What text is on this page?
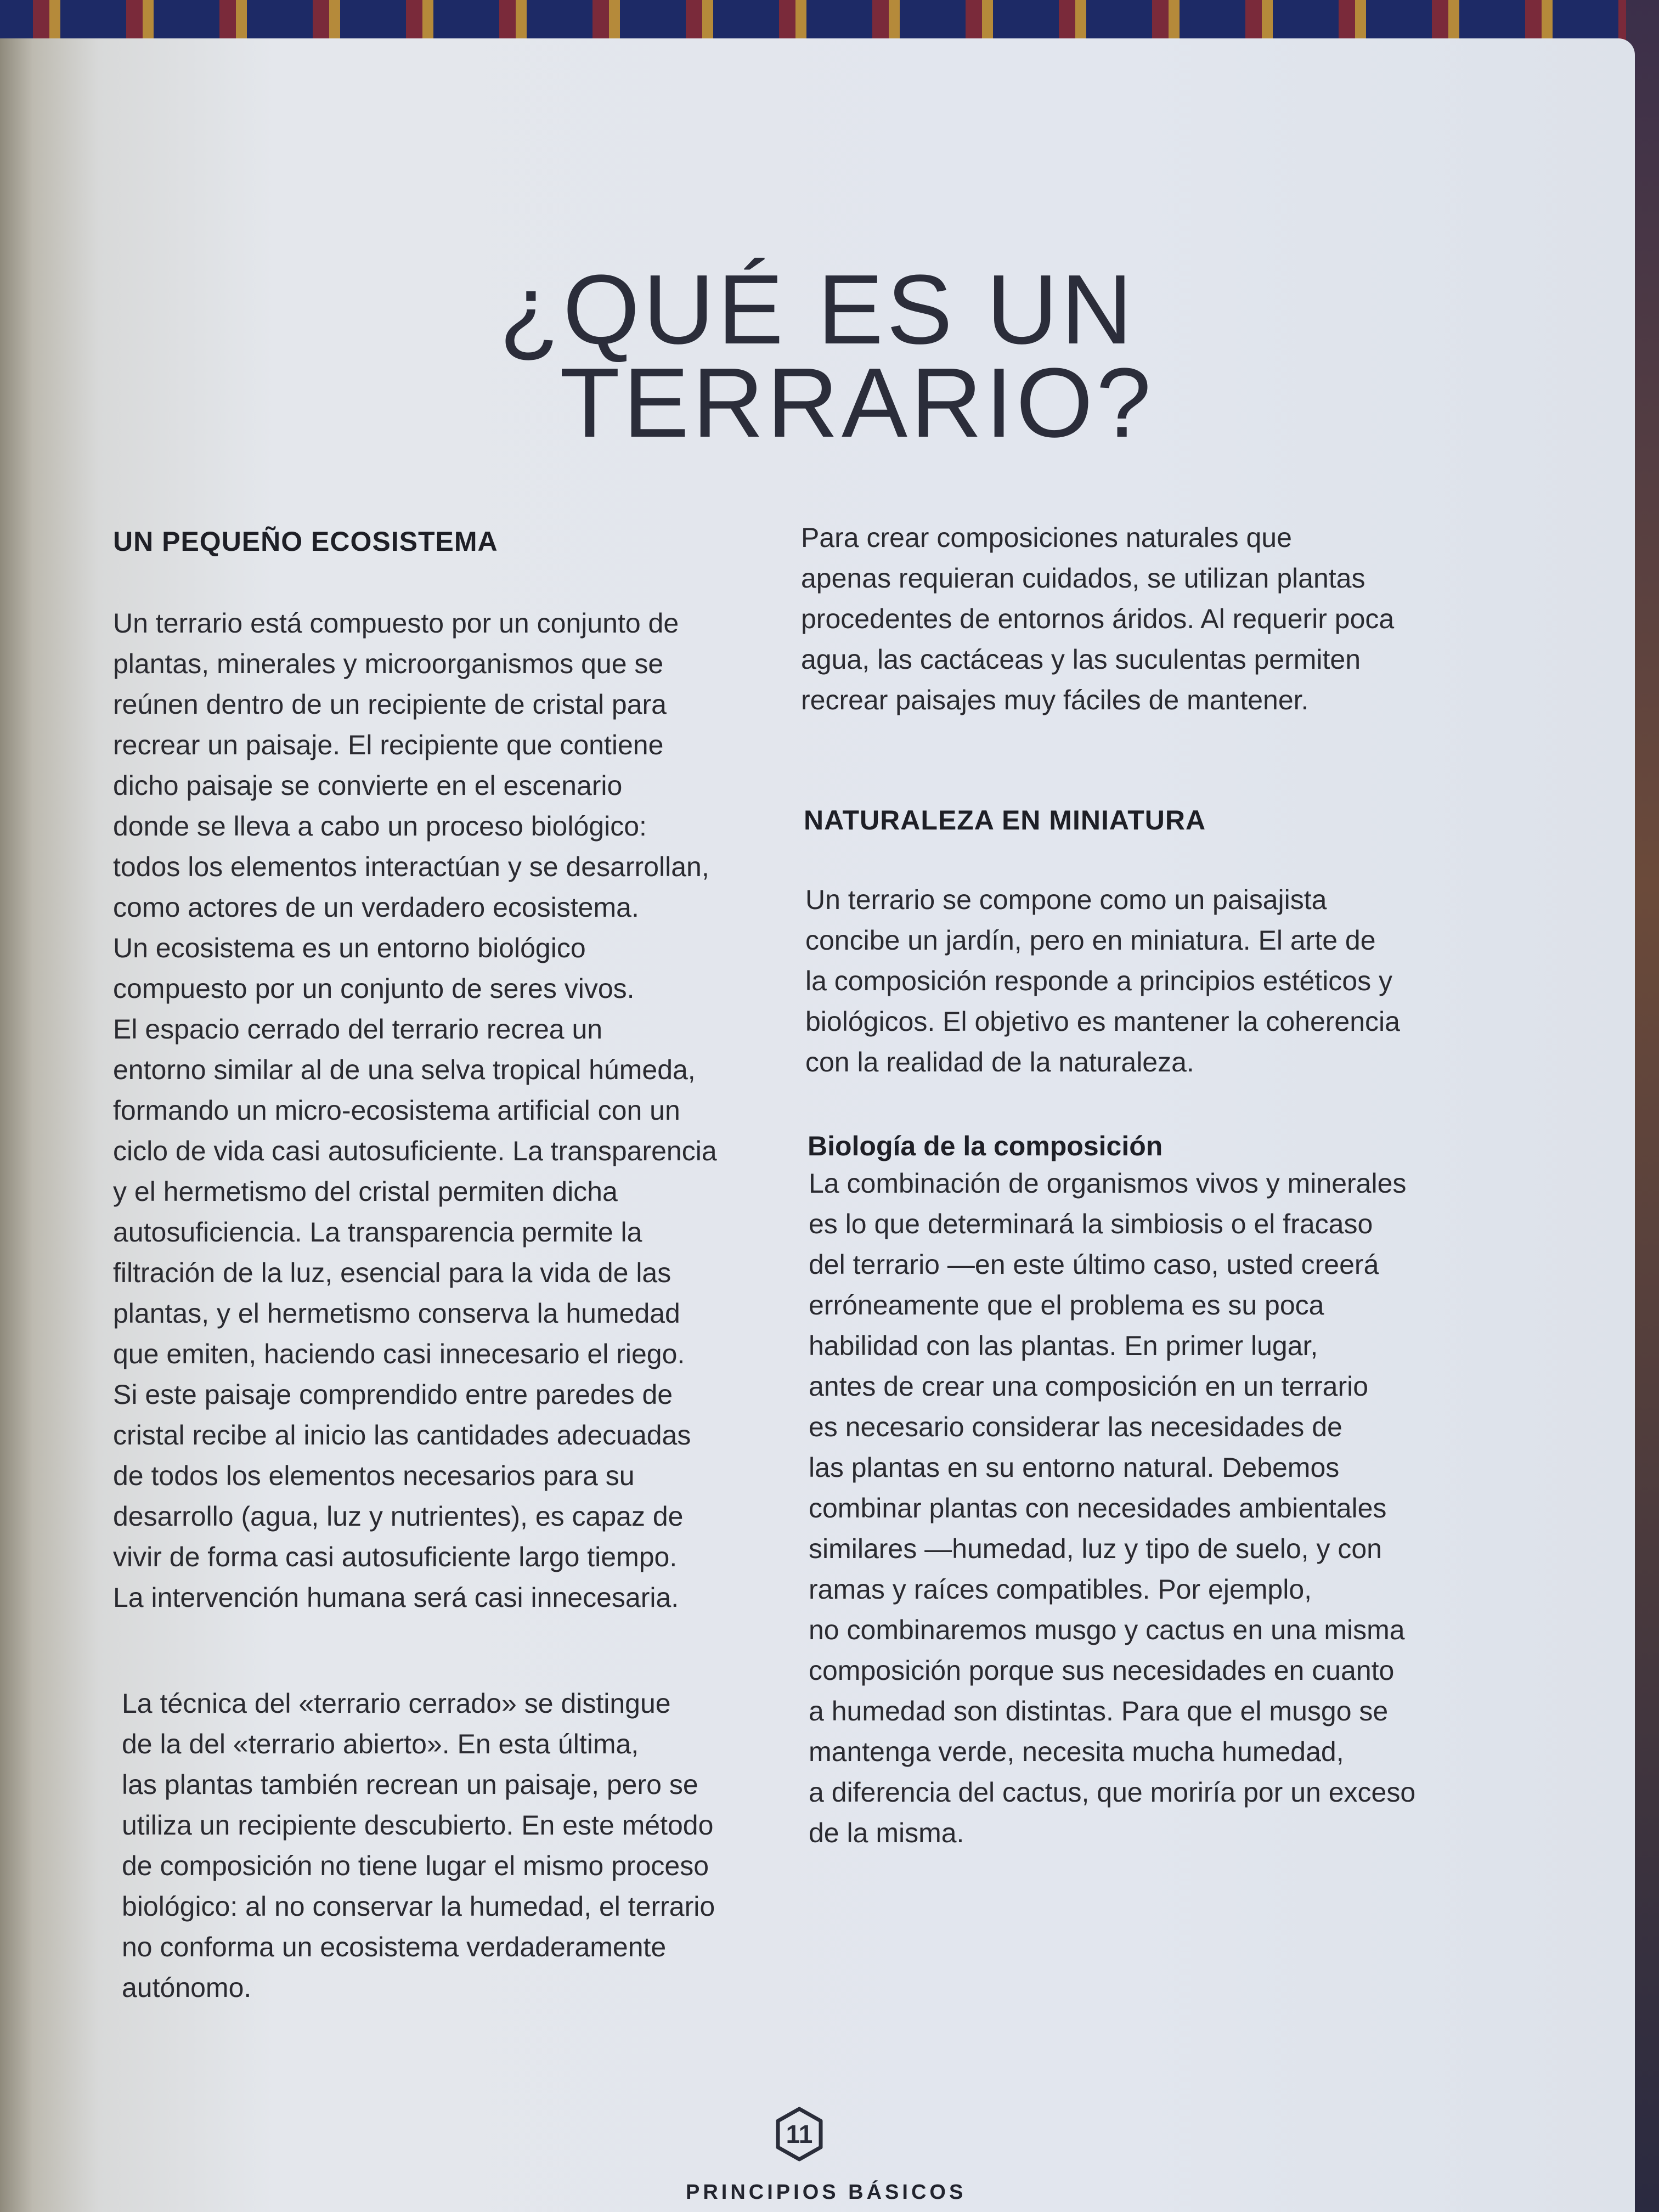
¿QUÉ ES UN
TERRARIO?
UN PEQUEÑO ECOSISTEMA
Un terrario está compuesto por un conjunto de
plantas, minerales y microorganismos que se
reúnen dentro de un recipiente de cristal para
recrear un paisaje. El recipiente que contiene
dicho paisaje se convierte en el escenario
donde se lleva a cabo un proceso biológico:
todos los elementos interactúan y se desarrollan,
como actores de un verdadero ecosistema.
Un ecosistema es un entorno biológico
compuesto por un conjunto de seres vivos.
El espacio cerrado del terrario recrea un
entorno similar al de una selva tropical húmeda,
formando un micro-ecosistema artificial con un
ciclo de vida casi autosuficiente. La transparencia
y el hermetismo del cristal permiten dicha
autosuficiencia. La transparencia permite la
filtración de la luz, esencial para la vida de las
plantas, y el hermetismo conserva la humedad
que emiten, haciendo casi innecesario el riego.
Si este paisaje comprendido entre paredes de
cristal recibe al inicio las cantidades adecuadas
de todos los elementos necesarios para su
desarrollo (agua, luz y nutrientes), es capaz de
vivir de forma casi autosuficiente largo tiempo.
La intervención humana será casi innecesaria.
La técnica del «terrario cerrado» se distingue
de la del «terrario abierto». En esta última,
las plantas también recrean un paisaje, pero se
utiliza un recipiente descubierto. En este método
de composición no tiene lugar el mismo proceso
biológico: al no conservar la humedad, el terrario
no conforma un ecosistema verdaderamente
autónomo.
Para crear composiciones naturales que
apenas requieran cuidados, se utilizan plantas
procedentes de entornos áridos. Al requerir poca
agua, las cactáceas y las suculentas permiten
recrear paisajes muy fáciles de mantener.
NATURALEZA EN MINIATURA
Un terrario se compone como un paisajista
concibe un jardín, pero en miniatura. El arte de
la composición responde a principios estéticos y
biológicos. El objetivo es mantener la coherencia
con la realidad de la naturaleza.
Biología de la composición
La combinación de organismos vivos y minerales
es lo que determinará la simbiosis o el fracaso
del terrario —en este último caso, usted creerá
erróneamente que el problema es su poca
habilidad con las plantas. En primer lugar,
antes de crear una composición en un terrario
es necesario considerar las necesidades de
las plantas en su entorno natural. Debemos
combinar plantas con necesidades ambientales
similares —humedad, luz y tipo de suelo, y con
ramas y raíces compatibles. Por ejemplo,
no combinaremos musgo y cactus en una misma
composición porque sus necesidades en cuanto
a humedad son distintas. Para que el musgo se
mantenga verde, necesita mucha humedad,
a diferencia del cactus, que moriría por un exceso
de la misma.
11
PRINCIPIOS BÁSICOS
